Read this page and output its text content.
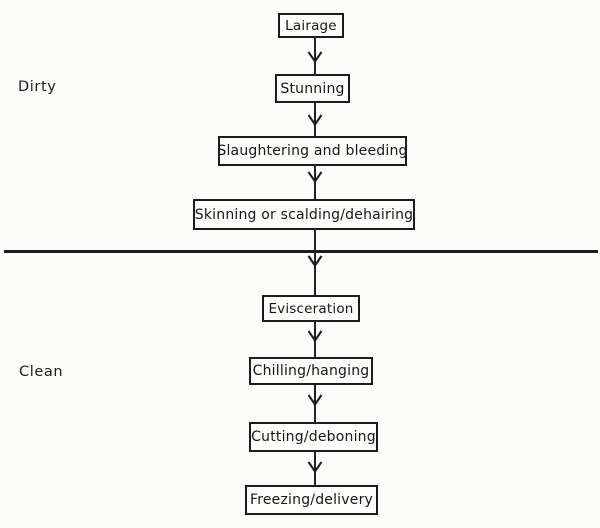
Dirty
Clean
Lairage
Stunning
Slaughtering and bleeding
Skinning or scalding/dehairing
Evisceration
Chilling/hanging
Cutting/deboning
Freezing/delivery
